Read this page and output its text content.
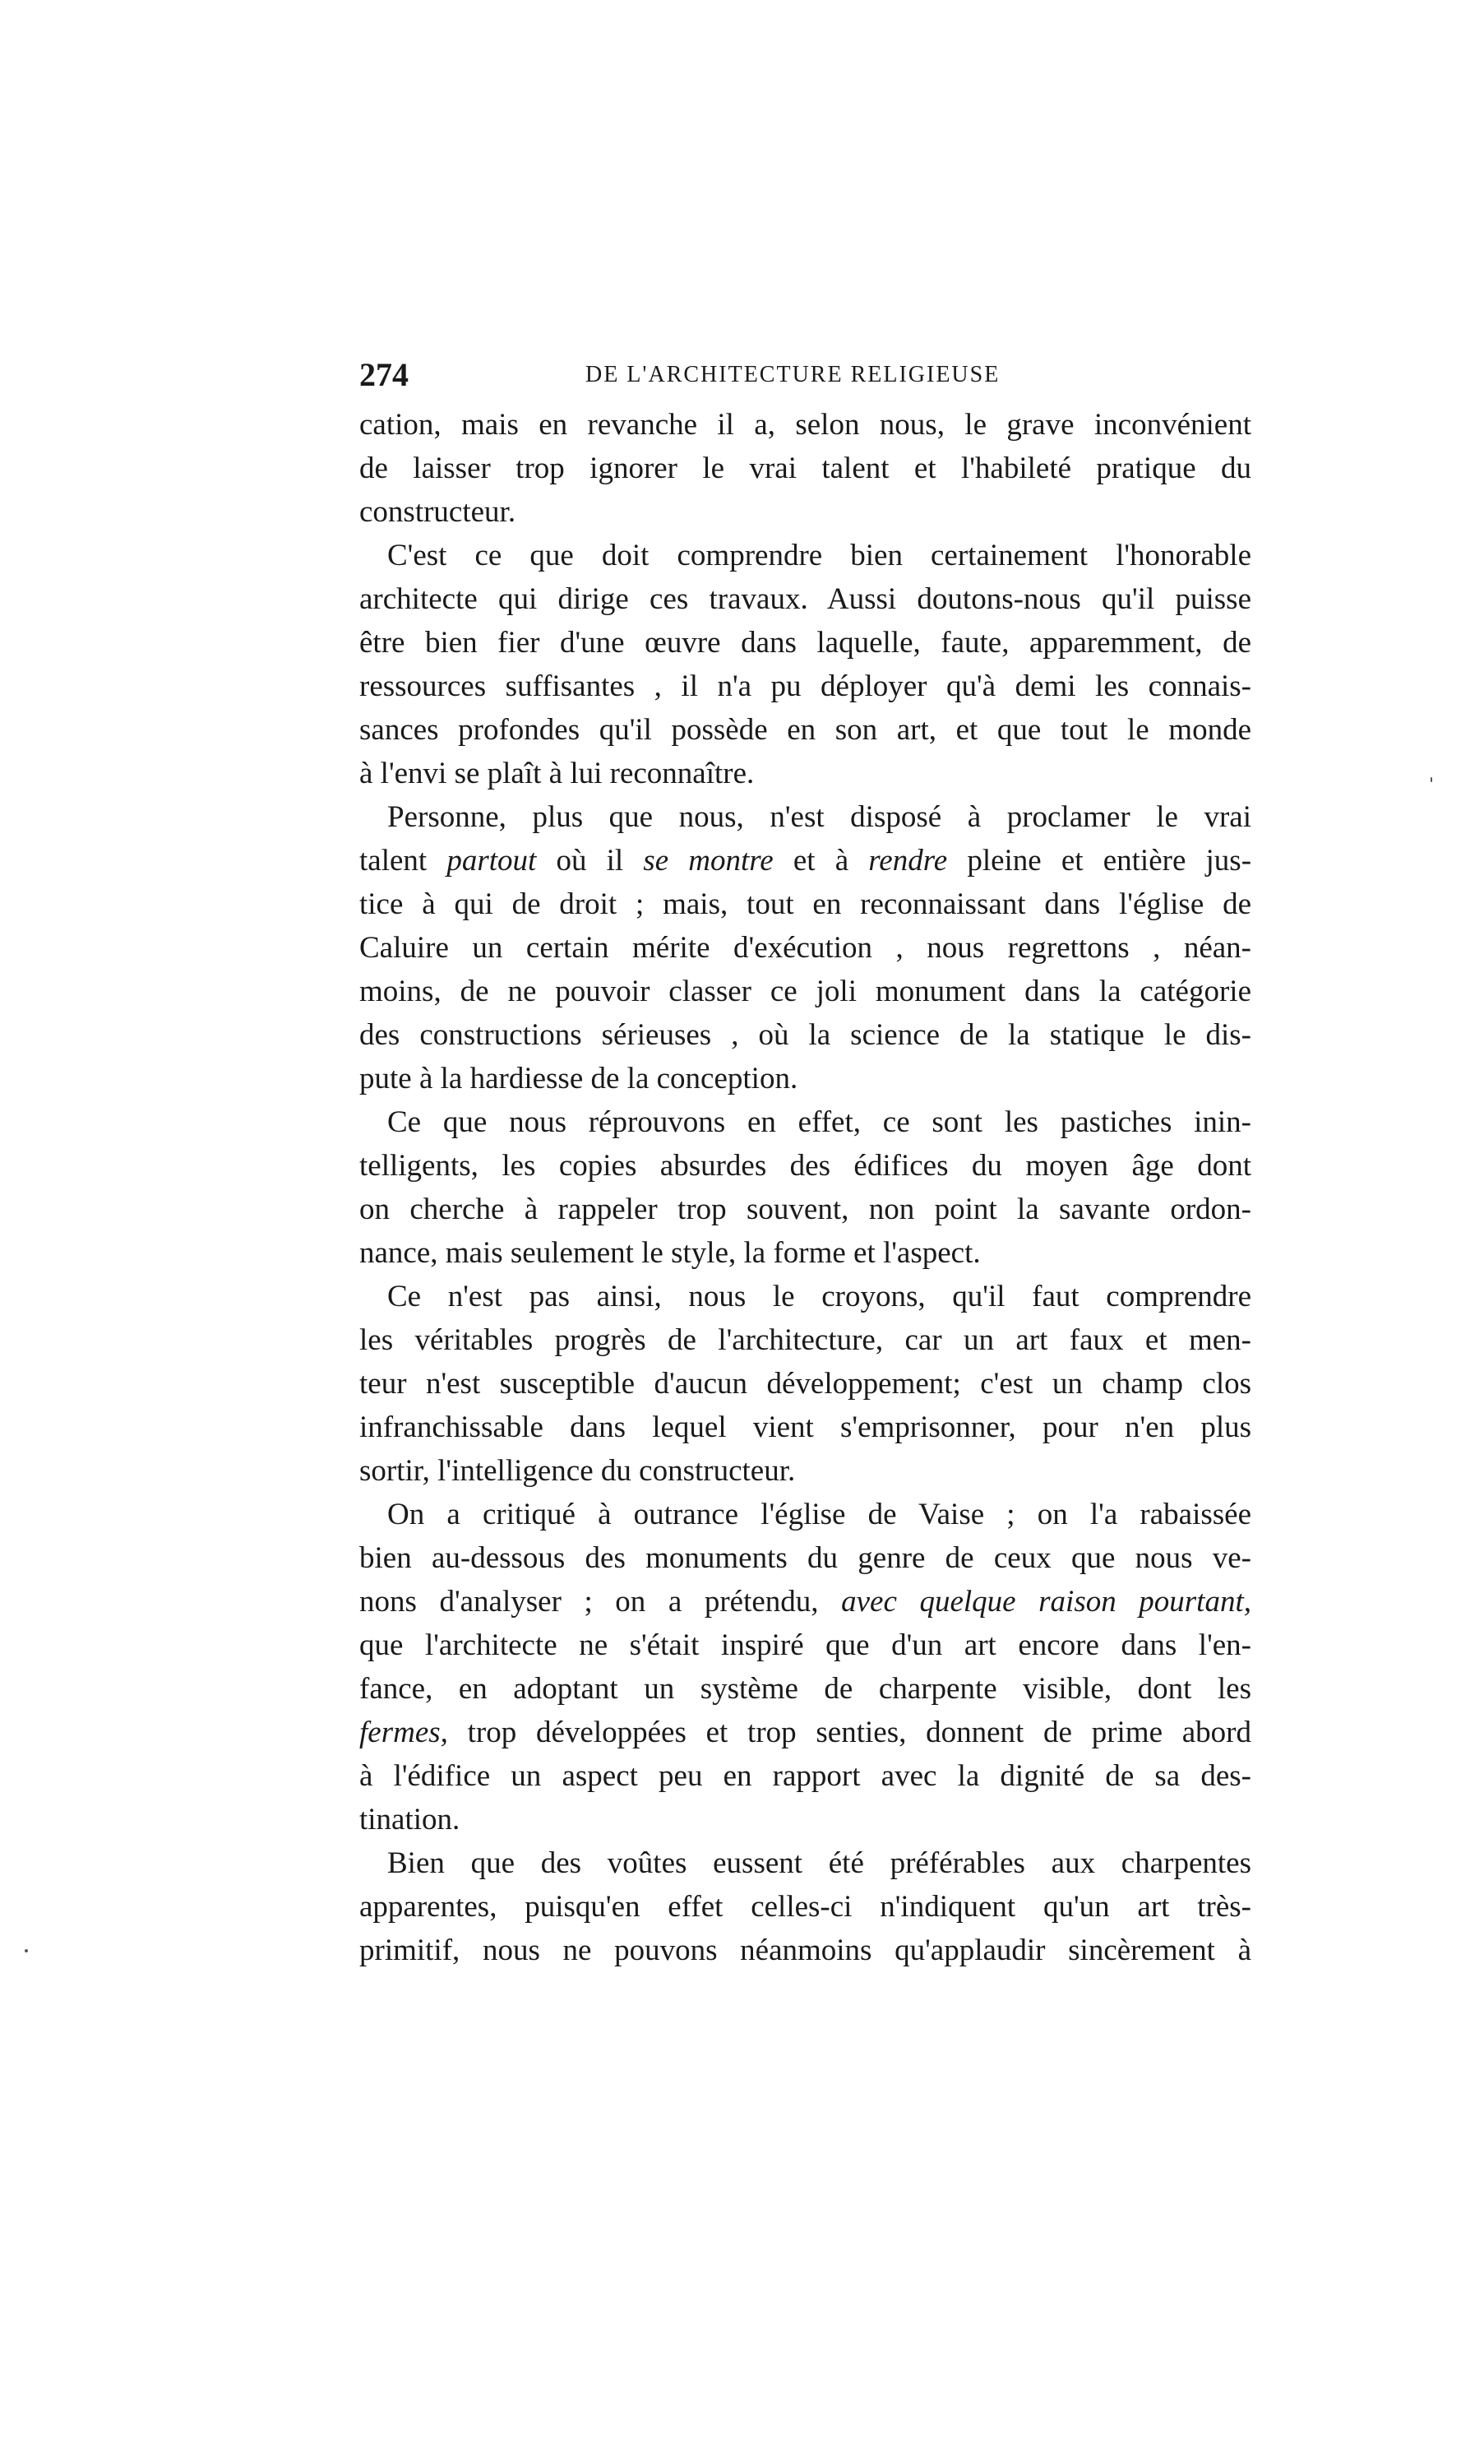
274	DE L'ARCHITECTURE RELIGIEUSE
cation, mais en revanche il a, selon nous, le grave inconvénient
de laisser trop ignorer le vrai talent et l'habileté pratique du
constructeur.
C'est ce que doit comprendre bien certainement l'honorable
architecte qui dirige ces travaux. Aussi doutons-nous qu'il puisse
être bien fier d'une œuvre dans laquelle, faute, apparemment, de
ressources suffisantes , il n'a pu déployer qu'à demi les connais-
sances profondes qu'il possède en son art, et que tout le monde
à l'envi se plaît à lui reconnaître.
Personne, plus que nous, n'est disposé à proclamer le vrai
talent partout où il se montre et à rendre pleine et entière jus-
tice à qui de droit ; mais, tout en reconnaissant dans l'église de
Caluire un certain mérite d'exécution , nous regrettons , néan-
moins, de ne pouvoir classer ce joli monument dans la catégorie
des constructions sérieuses , où la science de la statique le dis-
pute à la hardiesse de la conception.
Ce que nous réprouvons en effet, ce sont les pastiches inin-
telligents, les copies absurdes des édifices du moyen âge dont
on cherche à rappeler trop souvent, non point la savante ordon-
nance, mais seulement le style, la forme et l'aspect.
Ce n'est pas ainsi, nous le croyons, qu'il faut comprendre
les véritables progrès de l'architecture, car un art faux et men-
teur n'est susceptible d'aucun développement; c'est un champ clos
infranchissable dans lequel vient s'emprisonner, pour n'en plus
sortir, l'intelligence du constructeur.
On a critiqué à outrance l'église de Vaise ; on l'a rabaissée
bien au-dessous des monuments du genre de ceux que nous ve-
nons d'analyser ; on a prétendu, avec quelque raison pourtant,
que l'architecte ne s'était inspiré que d'un art encore dans l'en-
fance, en adoptant un système de charpente visible, dont les
fermes, trop développées et trop senties, donnent de prime abord
à l'édifice un aspect peu en rapport avec la dignité de sa des-
tination.
Bien que des voûtes eussent été préférables aux charpentes
apparentes, puisqu'en effet celles-ci n'indiquent qu'un art très-
primitif, nous ne pouvons néanmoins qu'applaudir sincèrement à
